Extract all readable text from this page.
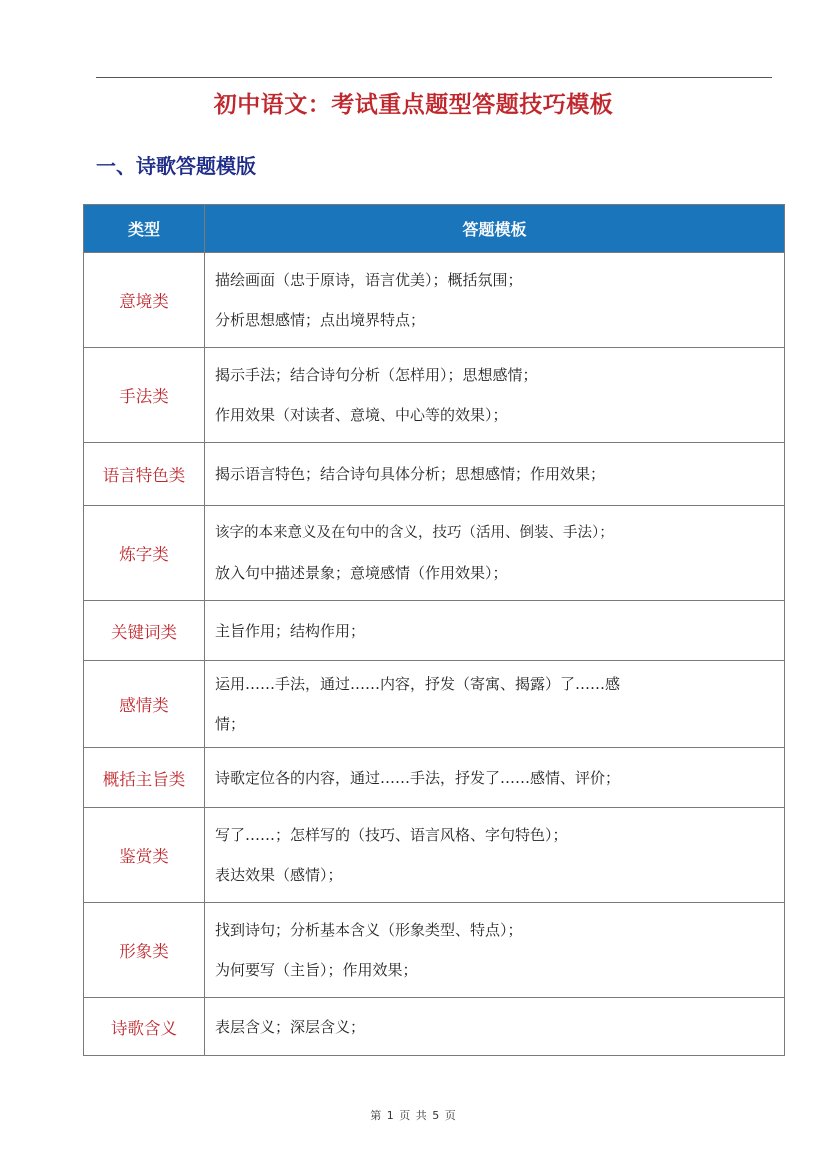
初中语文：考试重点题型答题技巧模板
一、诗歌答题模版
类型	答题模板
意境类	描绘画面（忠于原诗，语言优美）；概括氛围；
分析思想感情；点出境界特点；

手法类	揭示手法；结合诗句分析（怎样用）；思想感情；
作用效果（对读者、意境、中心等的效果）；

语言特色类	揭示语言特色；结合诗句具体分析；思想感情；作用效果；

炼字类	该字的本来意义及在句中的含义，技巧（活用、倒装、手法）；
放入句中描述景象；意境感情（作用效果）；

关键词类	主旨作用；结构作用；

感情类	运用……手法，通过……内容，抒发（寄寓、揭露）了……感
情；

概括主旨类	诗歌定位各的内容，通过……手法，抒发了……感情、评价；

鉴赏类	写了……；怎样写的（技巧、语言风格、字句特色）；
表达效果（感情）；

形象类	找到诗句；分析基本含义（形象类型、特点）；
为何要写（主旨）；作用效果；

诗歌含义	表层含义；深层含义；
第 1 页 共 5 页
